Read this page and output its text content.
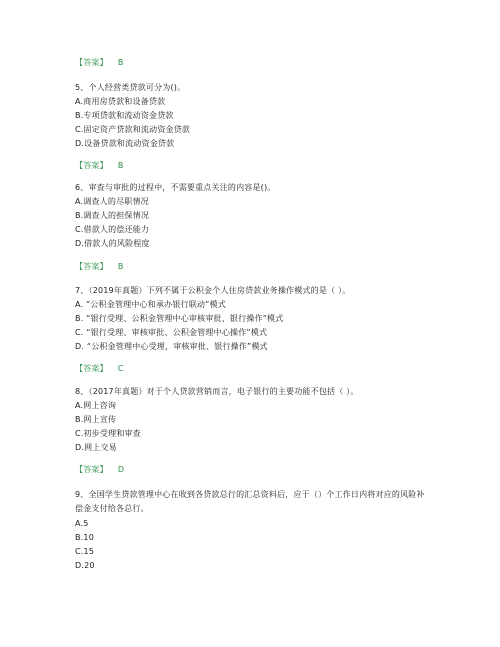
【答案】 B
5、个人经营类贷款可分为()。
A.商用房贷款和设备贷款
B.专项贷款和流动资金贷款
C.固定资产贷款和流动资金贷款
D.设备贷款和流动资金贷款
【答案】 B
6、审查与审批的过程中，不需要重点关注的内容是()。
A.调查人的尽职情况
B.调查人的担保情况
C.借款人的偿还能力
D.借款人的风险程度
【答案】 B
7、（2019年真题）下列不属于公积金个人住房贷款业务操作模式的是（ ）。
A. “公积金管理中心和承办银行联动”模式
B. “银行受理、公积金管理中心审核审批、银行操作”模式
C. “银行受理、审核审批、公积金管理中心操作”模式
D. “公积金管理中心受理，审核审批、银行操作”模式
【答案】 C
8、（2017年真题）对于个人贷款营销而言，电子银行的主要功能不包括（ ）。
A.网上咨询
B.网上宣传
C.初步受理和审查
D.网上交易
【答案】 D
9、全国学生贷款管理中心在收到各贷款总行的汇总资料后，应于（）个工作日内将对应的风险补偿金支付给各总行。
A.5
B.10
C.15
D.20
